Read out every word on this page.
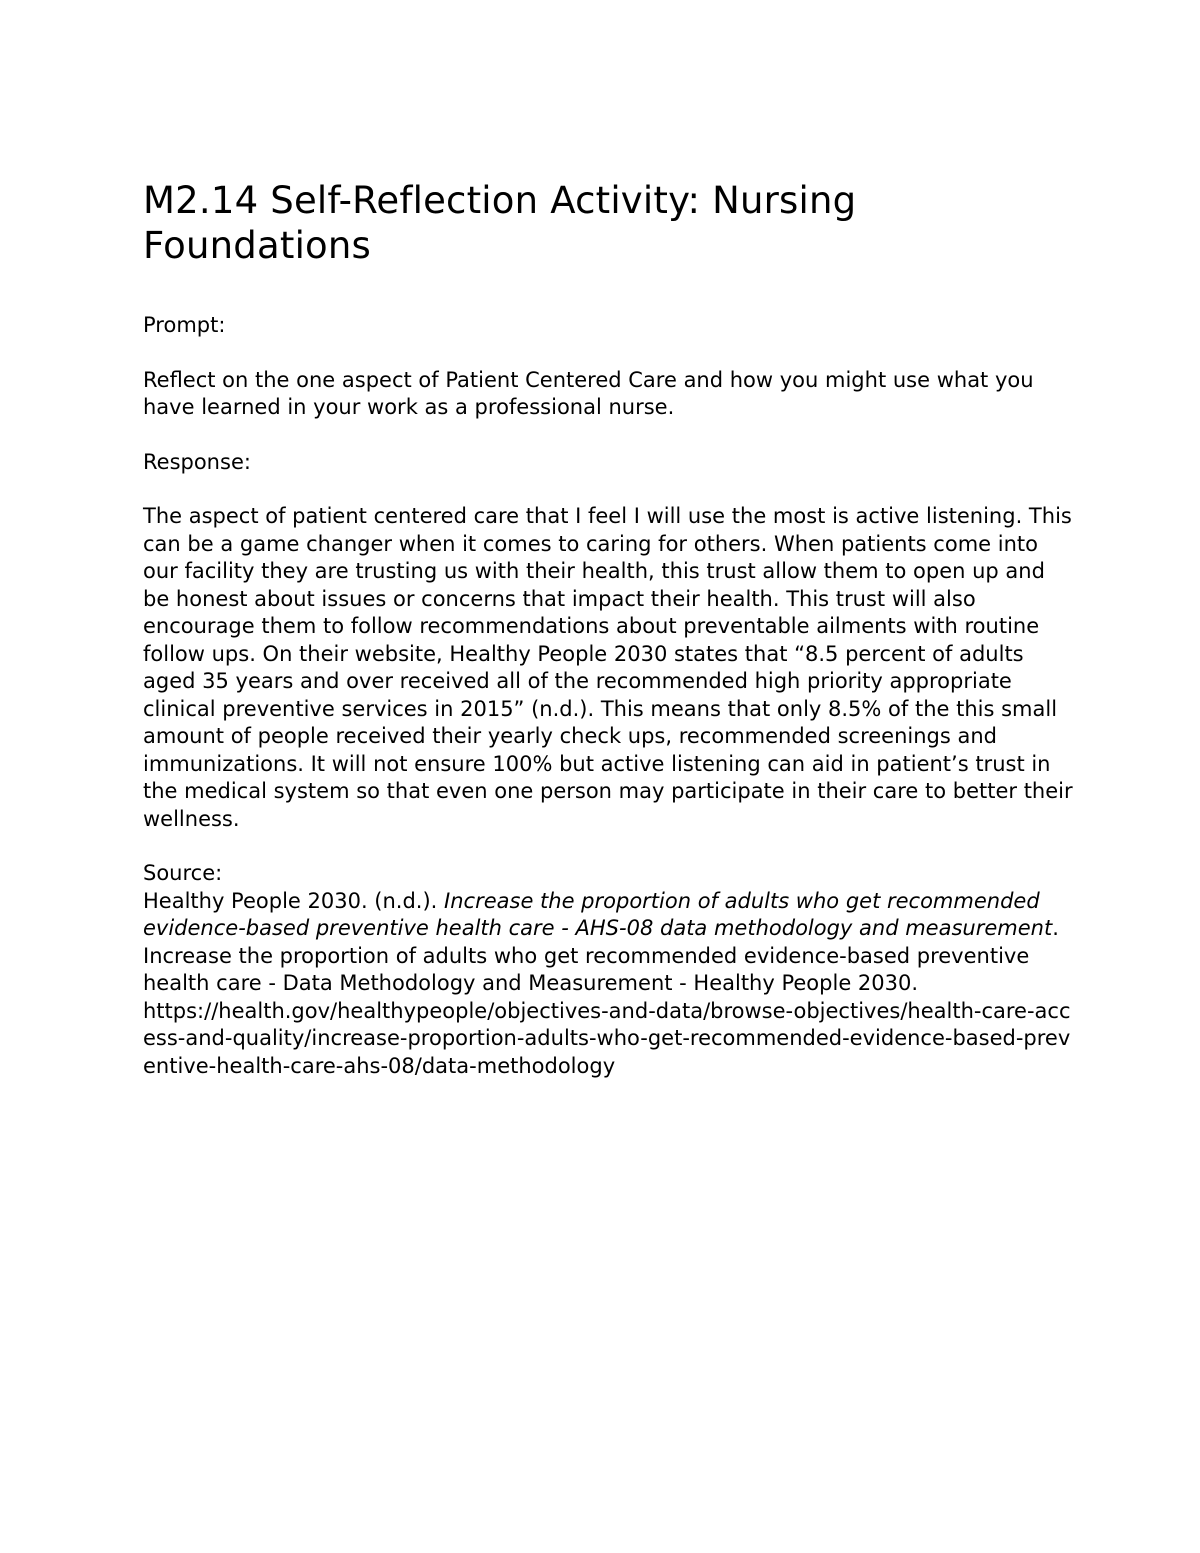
M2.14 Self-Reflection Activity: Nursing Foundations

Prompt:

Reflect on the one aspect of Patient Centered Care and how you might use what you have learned in your work as a professional nurse.

Response:

The aspect of patient centered care that I feel I will use the most is active listening. This can be a game changer when it comes to caring for others. When patients come into our facility they are trusting us with their health, this trust allow them to open up and be honest about issues or concerns that impact their health. This trust will also encourage them to follow recommendations about preventable ailments with routine follow ups. On their website, Healthy People 2030 states that “8.5 percent of adults aged 35 years and over received all of the recommended high priority appropriate clinical preventive services in 2015” (n.d.). This means that only 8.5% of the this small amount of people received their yearly check ups, recommended screenings and immunizations. It will not ensure 100% but active listening can aid in patient’s trust in the medical system so that even one person may participate in their care to better their wellness.

Source:
Healthy People 2030. (n.d.). Increase the proportion of adults who get recommended evidence-based preventive health care - AHS-08 data methodology and measurement. Increase the proportion of adults who get recommended evidence-based preventive health care - Data Methodology and Measurement - Healthy People 2030.
https://health.gov/healthypeople/objectives-and-data/browse-objectives/health-care-access-and-quality/increase-proportion-adults-who-get-recommended-evidence-based-preventive-health-care-ahs-08/data-methodology
